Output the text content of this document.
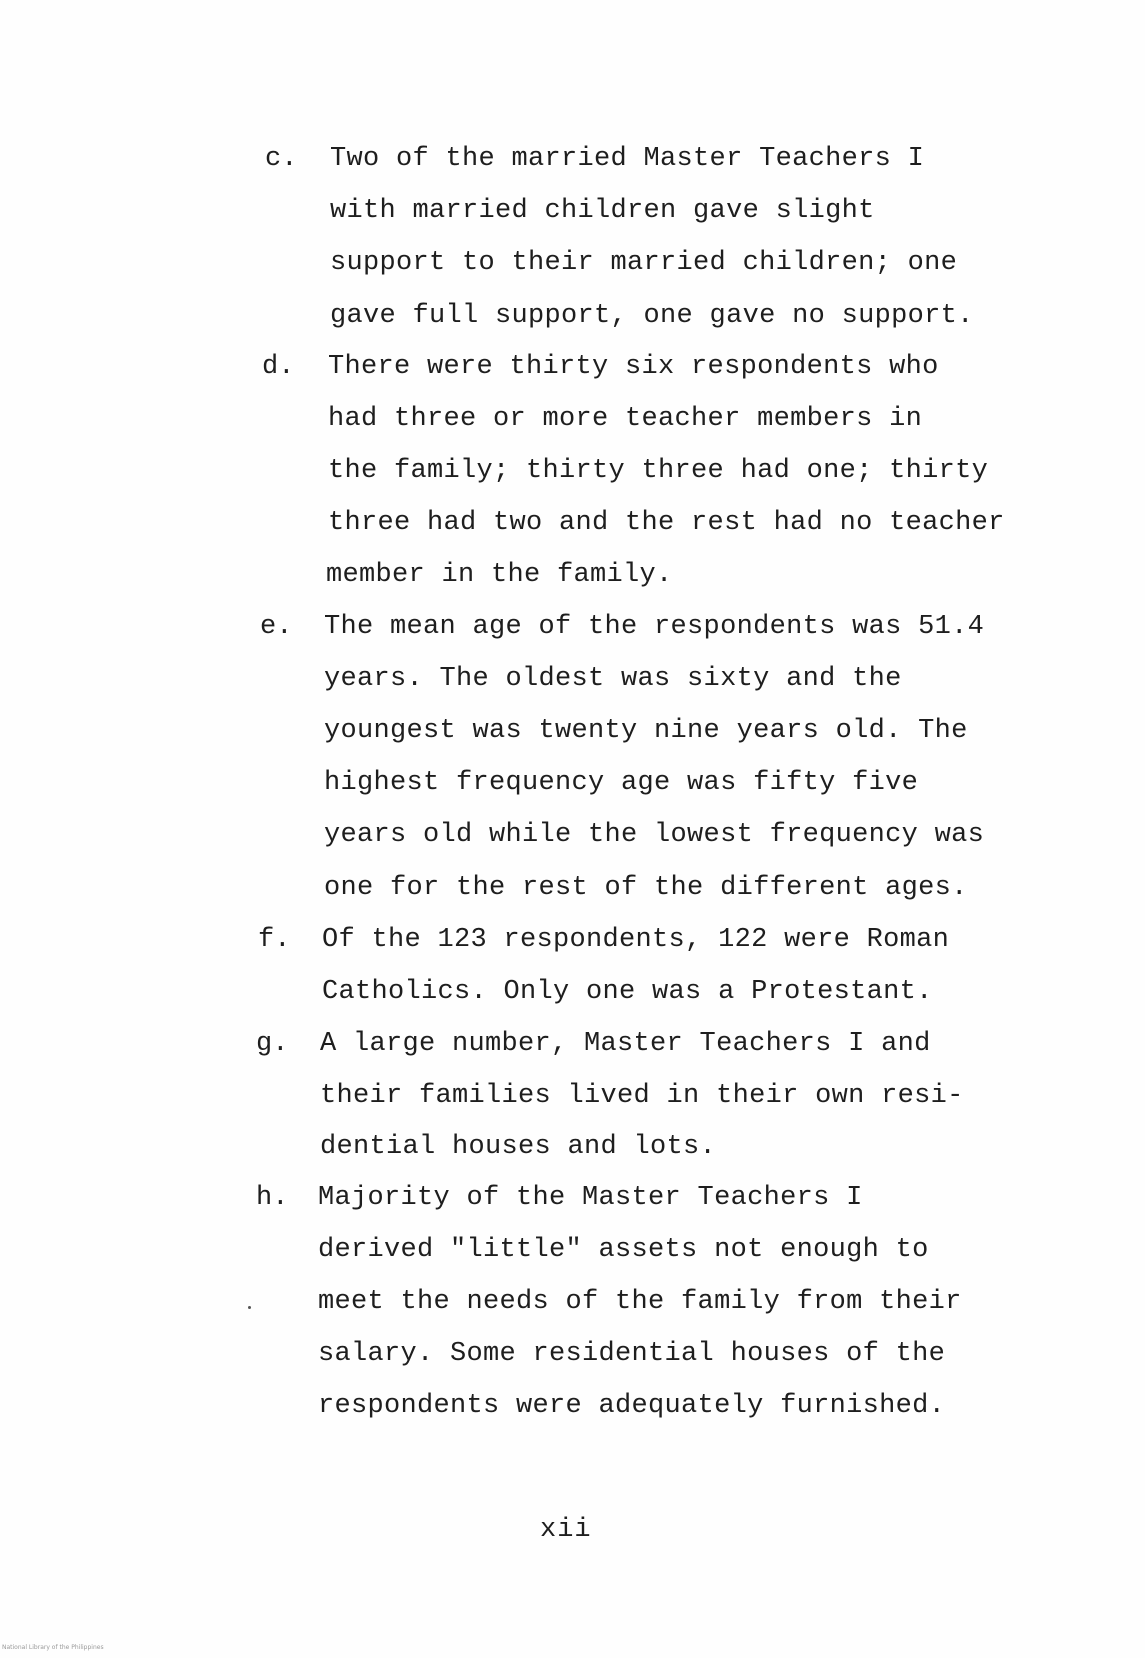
c. Two of the married Master Teachers I
with married children gave slight
support to their married children; one
gave full support, one gave no support.
d. There were thirty six respondents who
had three or more teacher members in
the family; thirty three had one; thirty
three had two and the rest had no teacher
member in the family.
e. The mean age of the respondents was 51.4
years. The oldest was sixty and the
youngest was twenty nine years old. The
highest frequency age was fifty five
years old while the lowest frequency was
one for the rest of the different ages.
f. Of the 123 respondents, 122 were Roman
Catholics. Only one was a Protestant.
g. A large number, Master Teachers I and
their families lived in their own resi-
dential houses and lots.
h. Majority of the Master Teachers I
derived "little" assets not enough to
meet the needs of the family from their
salary. Some residential houses of the
respondents were adequately furnished.
xii
National Library of the Philippines
